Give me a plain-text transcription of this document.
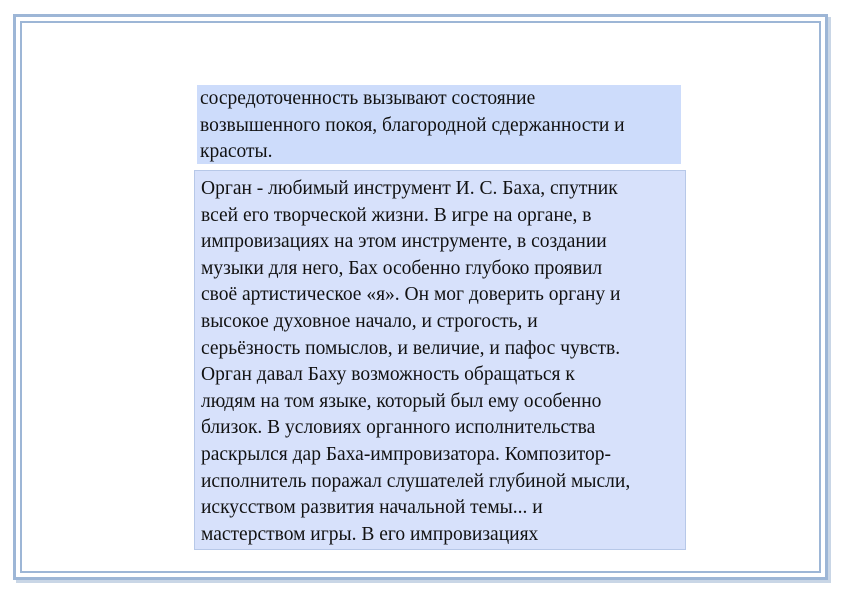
сосредоточенность вызывают состояние

возвышенного покоя, благородной сдержанности и

красоты.

Орган - любимый инструмент И. С. Баха, спутник

всей его творческой жизни. В игре на органе, в

импровизациях на этом инструменте, в создании

музыки для него, Бах особенно глубоко проявил

своё артистическое «я». Он мог доверить органу и

высокое духовное начало, и строгость, и

серьёзность помыслов, и величие, и пафос чувств.

Орган давал Баху возможность обращаться к

людям на том языке, который был ему особенно

близок. В условиях органного исполнительства

раскрылся дар Баха-импровизатора. Композитор-

исполнитель поражал слушателей глубиной мысли,

искусством развития начальной темы... и

мастерством игры. В его импровизациях
